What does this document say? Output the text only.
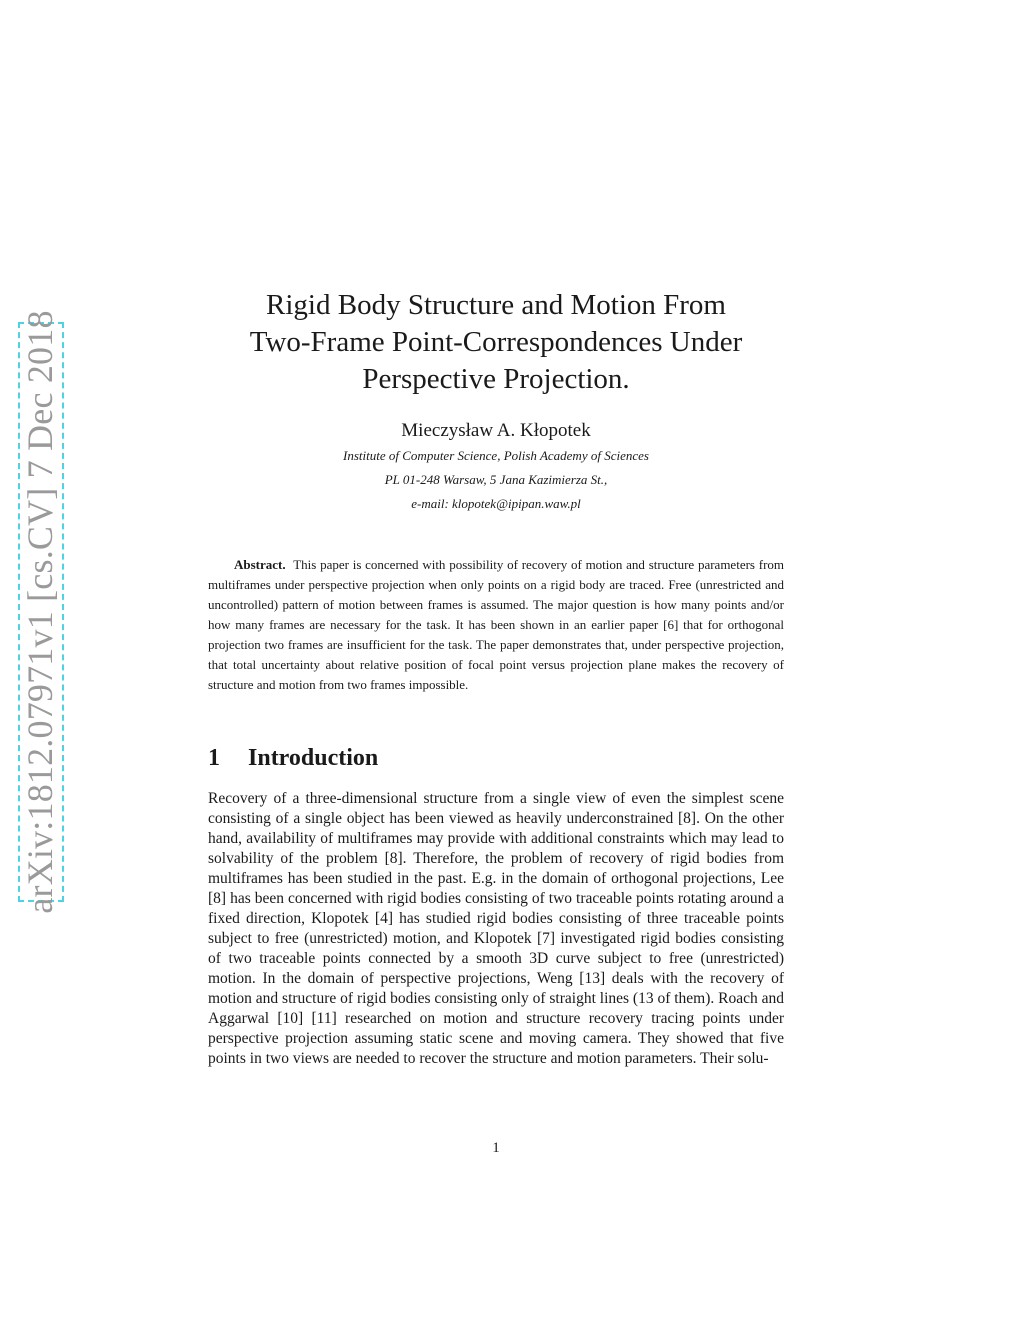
arXiv:1812.07971v1 [cs.CV] 7 Dec 2018
Rigid Body Structure and Motion From
Two-Frame Point-Correspondences Under
Perspective Projection.
Mieczysław A. Kłopotek
Institute of Computer Science, Polish Academy of Sciences
PL 01-248 Warsaw, 5 Jana Kazimierza St.,
e-mail: klopotek@ipipan.waw.pl
Abstract. This paper is concerned with possibility of recovery of motion and structure parameters from multiframes under perspective projection when only points on a rigid body are traced. Free (unrestricted and uncontrolled) pattern of motion between frames is assumed. The major question is how many points and/or how many frames are necessary for the task. It has been shown in an earlier paper [6] that for orthogonal projection two frames are insufficient for the task. The paper demonstrates that, under perspective projection, that total uncertainty about relative position of focal point versus projection plane makes the recovery of structure and motion from two frames impossible.
1 Introduction
Recovery of a three-dimensional structure from a single view of even the simplest scene consisting of a single object has been viewed as heavily underconstrained [8]. On the other hand, availability of multiframes may provide with additional constraints which may lead to solvability of the problem [8]. Therefore, the problem of recovery of rigid bodies from multiframes has been studied in the past. E.g. in the domain of orthogonal projections, Lee [8] has been concerned with rigid bodies consisting of two traceable points rotating around a fixed direction, Klopotek [4] has studied rigid bodies consisting of three traceable points subject to free (unrestricted) motion, and Klopotek [7] investigated rigid bodies consisting of two traceable points connected by a smooth 3D curve subject to free (unrestricted) motion. In the domain of perspective projections, Weng [13] deals with the recovery of motion and structure of rigid bodies consisting only of straight lines (13 of them). Roach and Aggarwal [10] [11] researched on motion and structure recovery tracing points under perspective projection assuming static scene and moving camera. They showed that five points in two views are needed to recover the structure and motion parameters. Their solu-
1
